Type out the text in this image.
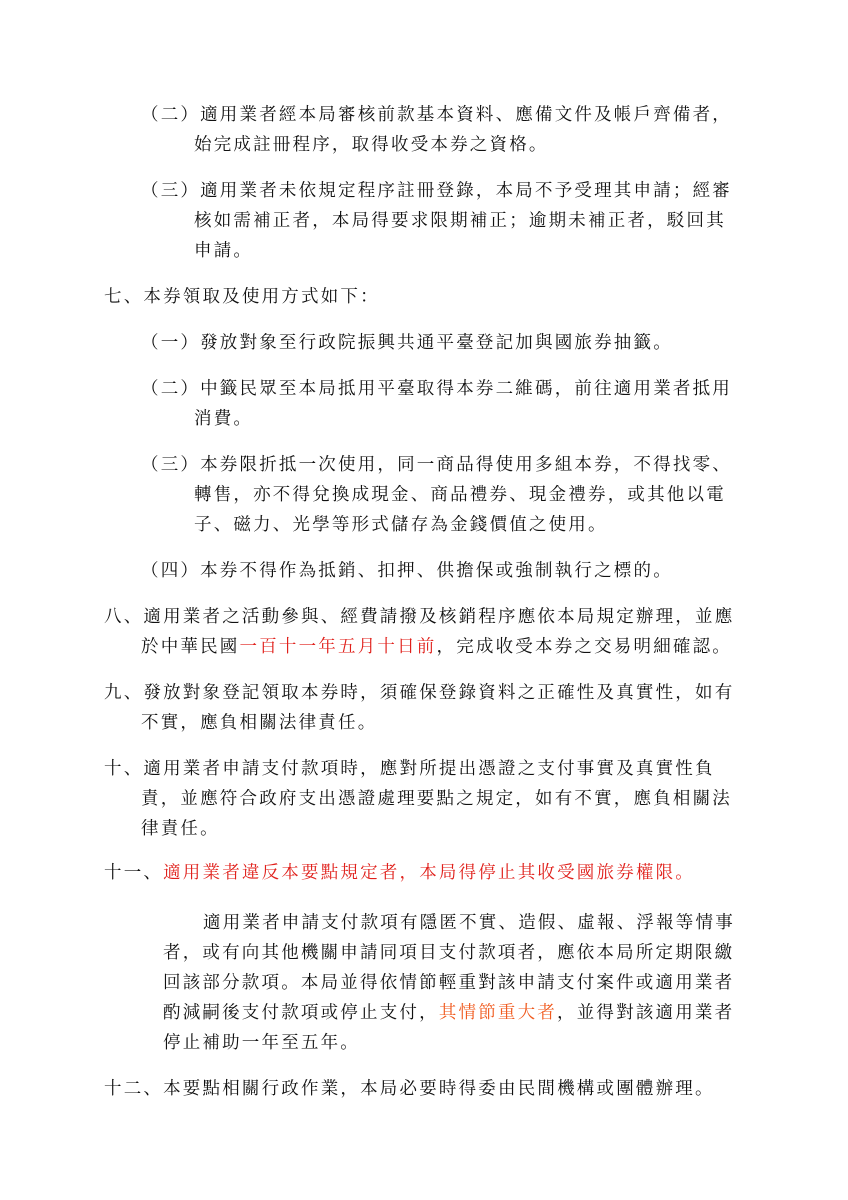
（二）適用業者經本局審核前款基本資料、應備文件及帳戶齊備者，
始完成註冊程序，取得收受本券之資格。
（三）適用業者未依規定程序註冊登錄，本局不予受理其申請；經審
核如需補正者，本局得要求限期補正；逾期未補正者，駁回其
申請。
七、本券領取及使用方式如下：
（一）發放對象至行政院振興共通平臺登記加與國旅券抽籤。
（二）中籤民眾至本局抵用平臺取得本券二維碼，前往適用業者抵用
消費。
（三）本券限折抵一次使用，同一商品得使用多組本券，不得找零、
轉售，亦不得兌換成現金、商品禮券、現金禮券，或其他以電
子、磁力、光學等形式儲存為金錢價值之使用。
（四）本券不得作為抵銷、扣押、供擔保或強制執行之標的。
八、適用業者之活動參與、經費請撥及核銷程序應依本局規定辦理，並應
於中華民國一百十一年五月十日前，完成收受本券之交易明細確認。
九、發放對象登記領取本券時，須確保登錄資料之正確性及真實性，如有
不實，應負相關法律責任。
十、適用業者申請支付款項時，應對所提出憑證之支付事實及真實性負
責，並應符合政府支出憑證處理要點之規定，如有不實，應負相關法
律責任。
十一、適用業者違反本要點規定者，本局得停止其收受國旅券權限。
適用業者申請支付款項有隱匿不實、造假、虛報、浮報等情事
者，或有向其他機關申請同項目支付款項者，應依本局所定期限繳
回該部分款項。本局並得依情節輕重對該申請支付案件或適用業者
酌減嗣後支付款項或停止支付，其情節重大者，並得對該適用業者
停止補助一年至五年。
十二、本要點相關行政作業，本局必要時得委由民間機構或團體辦理。
